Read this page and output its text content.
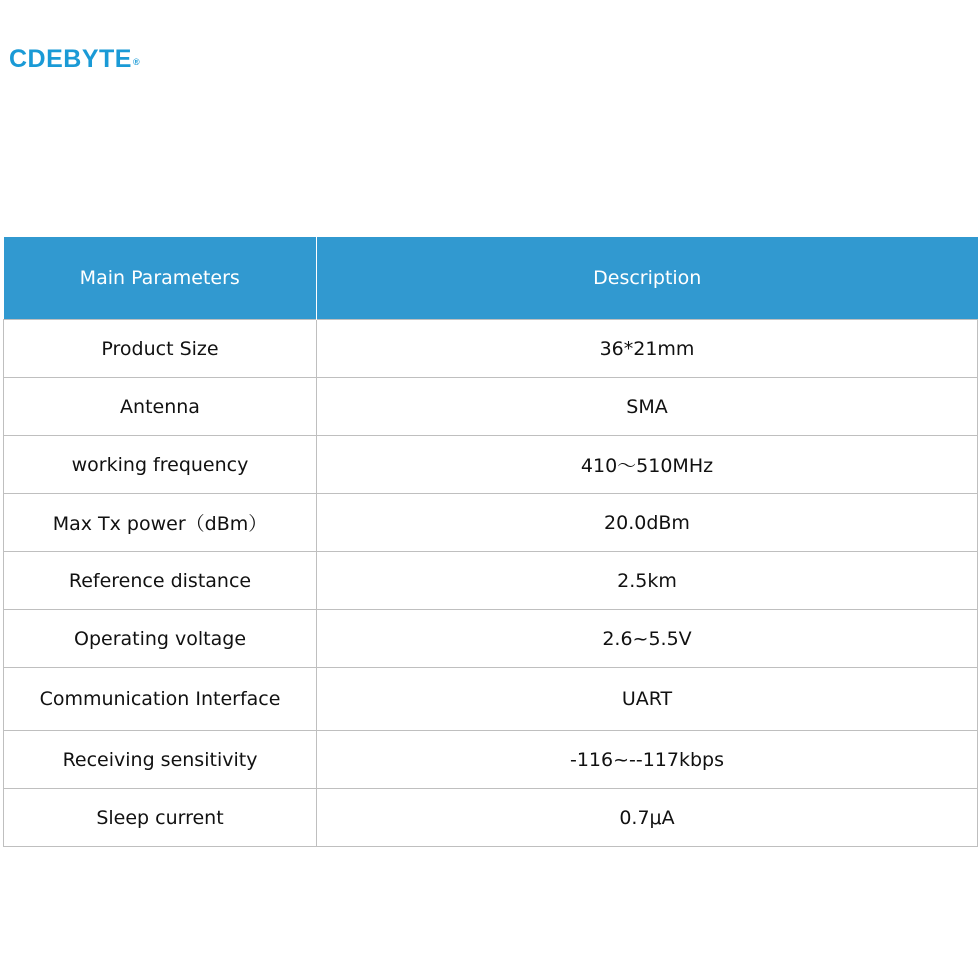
CDEBYTE®
Main Parameters	Description
Product Size	36*21mm
Antenna	SMA
working frequency	410〜510MHz
Max Tx power（dBm）	20.0dBm
Reference distance	2.5km
Operating voltage	2.6~5.5V
Communication Interface	UART
Receiving sensitivity	-116~--117kbps
Sleep current	0.7μA
